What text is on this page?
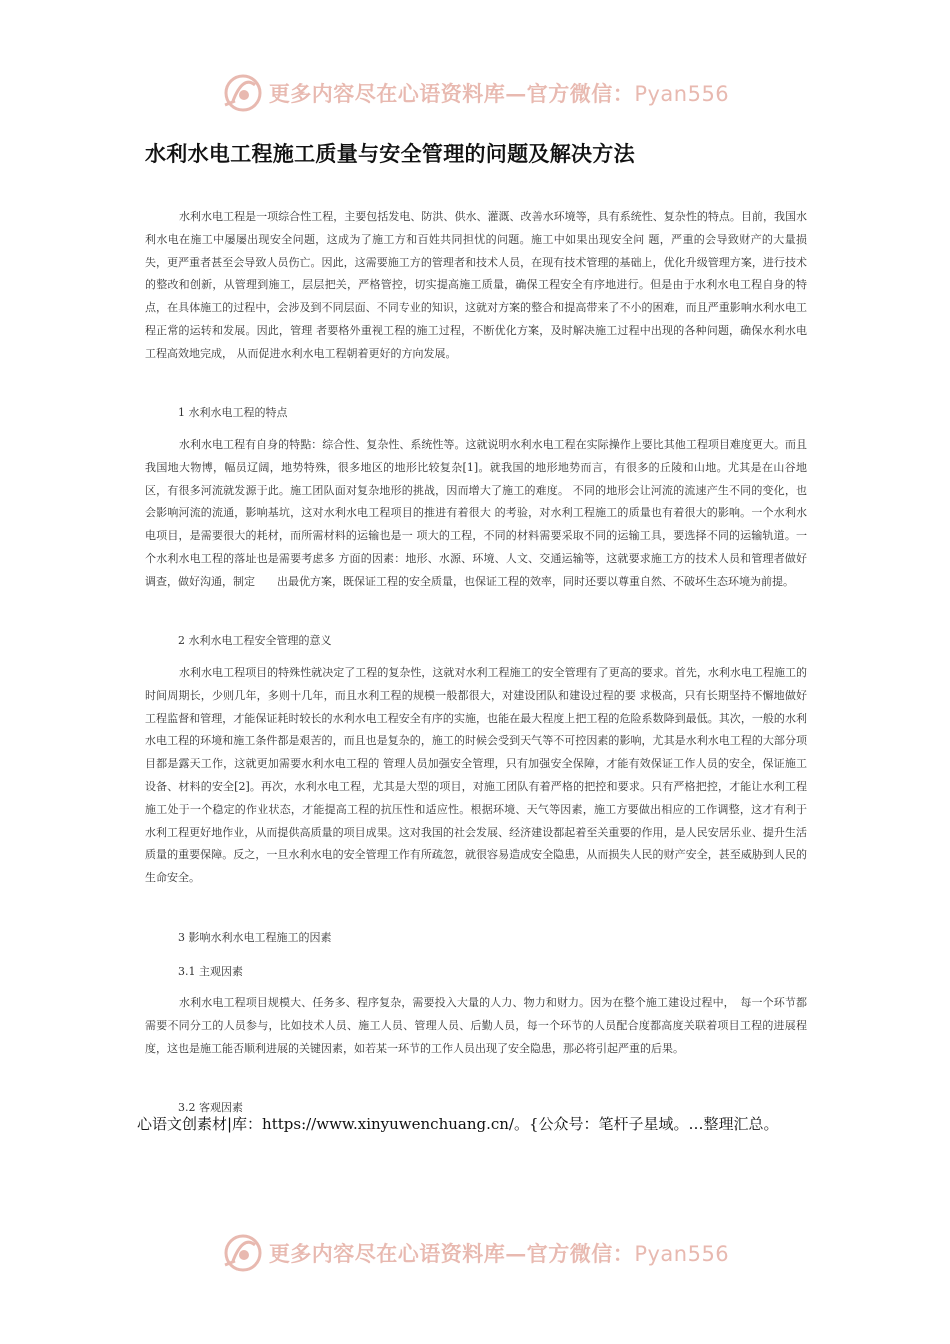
更多内容尽在心语资料库—官方微信：Pyan556
水利水电工程施工质量与安全管理的问题及解决方法

水利水电工程是一项综合性工程，主要包括发电、防洪、供水、灌溉、改善水环境等，具有系统性、复杂性的特点。目前，我国水利水电在施工中屡屡出现安全问题，这成为了施工方和百姓共同担忧的问题。施工中如果出现安全问 题，严重的会导致财产的大量损失，更严重者甚至会导致人员伤亡。因此，这需要施工方的管理者和技术人员，在现有技术管理的基础上，优化升级管理方案，进行技术的整改和创新，从管理到施工，层层把关，严格管控，切实提高施工质量，确保工程安全有序地进行。但是由于水利水电工程自身的特点，在具体施工的过程中，会涉及到不同层面、不同专业的知识，这就对方案的整合和提高带来了不小的困难，而且严重影响水利水电工程正常的运转和发展。因此，管理 者要格外重视工程的施工过程，不断优化方案，及时解决施工过程中出现的各种问题，确保水利水电工程高效地完成， 从而促进水利水电工程朝着更好的方向发展。

1 水利水电工程的特点

水利水电工程有自身的特點：综合性、复杂性、系统性等。这就说明水利水电工程在实际操作上要比其他工程项目难度更大。而且我国地大物博，幅员辽阔，地势特殊，很多地区的地形比较复杂[1]。就我国的地形地势而言，有很多的丘陵和山地。尤其是在山谷地区，有很多河流就发源于此。施工团队面对复杂地形的挑战，因而增大了施工的难度。 不同的地形会让河流的流速产生不同的变化，也会影响河流的流通，影响基坑，这对水利水电工程项目的推进有着很大 的考验，对水利工程施工的质量也有着很大的影响。一个水利水电项目，是需要很大的耗材，而所需材料的运输也是一 项大的工程，不同的材料需要采取不同的运输工具，要选择不同的运输轨道。一个水利水电工程的落址也是需要考虑多 方面的因素：地形、水源、环境、人文、交通运输等，这就要求施工方的技术人员和管理者做好调查，做好沟通，制定　　出最优方案，既保证工程的安全质量，也保证工程的效率，同时还要以尊重自然、不破坏生态环境为前提。

2 水利水电工程安全管理的意义

水利水电工程项目的特殊性就决定了工程的复杂性，这就对水利工程施工的安全管理有了更高的要求。首先，水利水电工程施工的时间周期长，少则几年，多则十几年，而且水利工程的规模一般都很大，对建设团队和建设过程的要 求极高，只有长期坚持不懈地做好工程监督和管理，才能保证耗时较长的水利水电工程安全有序的实施，也能在最大程度上把工程的危险系数降到最低。其次，一般的水利水电工程的环境和施工条件都是艰苦的，而且也是复杂的，施工的时候会受到天气等不可控因素的影响，尤其是水利水电工程的大部分项目都是露天工作，这就更加需要水利水电工程的 管理人员加强安全管理，只有加强安全保障，才能有效保证工作人员的安全，保证施工设备、材料的安全[2]。再次，水利水电工程，尤其是大型的项目，对施工团队有着严格的把控和要求。只有严格把控，才能让水利工程施工处于一个稳定的作业状态，才能提高工程的抗压性和适应性。根据环境、天气等因素，施工方要做出相应的工作调整，这才有利于　　水利工程更好地作业，从而提供高质量的项目成果。这对我国的社会发展、经济建设都起着至关重要的作用，是人民安居乐业、提升生活质量的重要保障。反之，一旦水利水电的安全管理工作有所疏忽，就很容易造成安全隐患，从而损失人民的财产安全，甚至威胁到人民的生命安全。

3 影响水利水电工程施工的因素

3.1 主观因素

水利水电工程项目规模大、任务多、程序复杂，需要投入大量的人力、物力和财力。因为在整个施工建设过程中，　每一个环节都需要不同分工的人员参与，比如技术人员、施工人员、管理人员、后勤人员，每一个环节的人员配合度都高度关联着项目工程的进展程度，这也是施工能否顺利进展的关键因素，如若某一环节的工作人员出现了安全隐患，那必将引起严重的后果。

3.2 客观因素

心语文创素材|库：https://www.xinyuwenchuang.cn/。{公众号：笔杆子星域。…整理汇总。

更多内容尽在心语资料库—官方微信：Pyan556
